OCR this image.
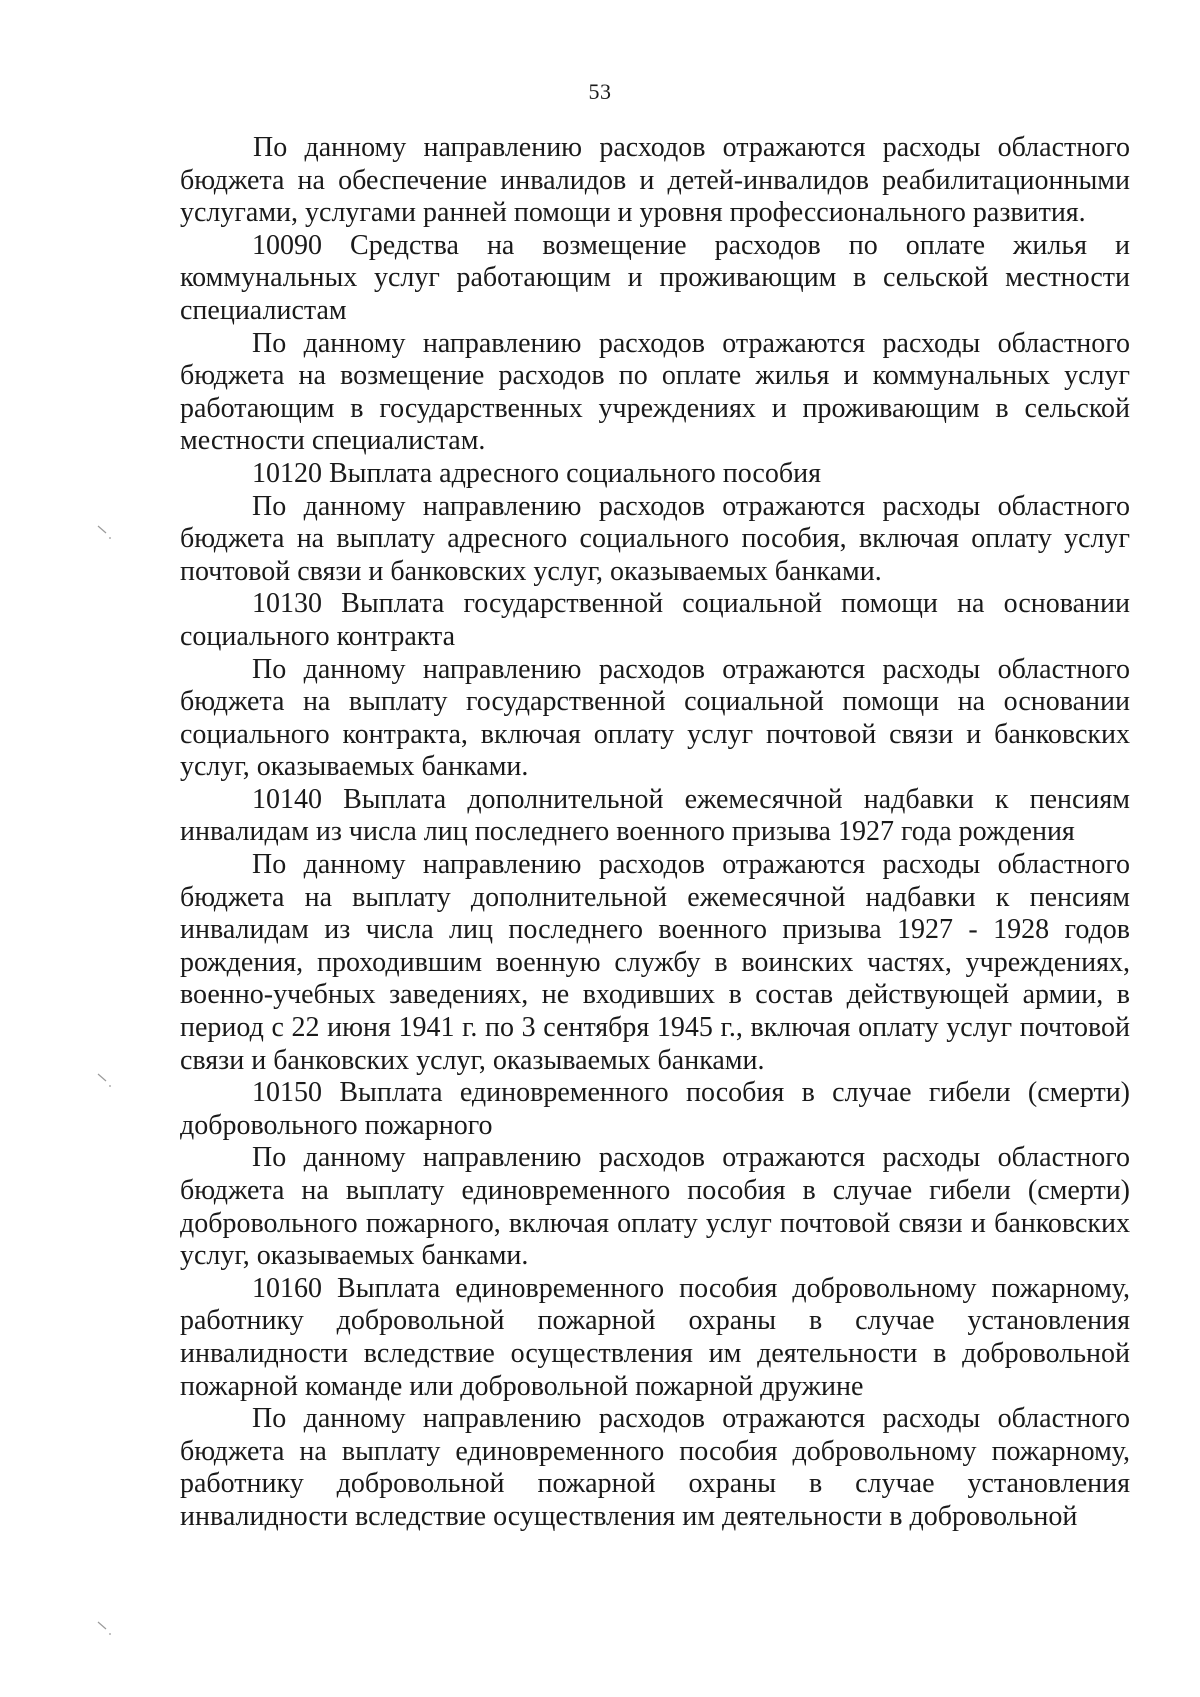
53

По данному направлению расходов отражаются расходы областного бюджета на обеспечение инвалидов и детей-инвалидов реабилитационными услугами, услугами ранней помощи и уровня профессионального развития.

10090 Средства на возмещение расходов по оплате жилья и коммунальных услуг работающим и проживающим в сельской местности специалистам

По данному направлению расходов отражаются расходы областного бюджета на возмещение расходов по оплате жилья и коммунальных услуг работающим в государственных учреждениях и проживающим в сельской местности специалистам.

10120 Выплата адресного социального пособия

По данному направлению расходов отражаются расходы областного бюджета на выплату адресного социального пособия, включая оплату услуг почтовой связи и банковских услуг, оказываемых банками.

10130 Выплата государственной социальной помощи на основании социального контракта

По данному направлению расходов отражаются расходы областного бюджета на выплату государственной социальной помощи на основании социального контракта, включая оплату услуг почтовой связи и банковских услуг, оказываемых банками.

10140 Выплата дополнительной ежемесячной надбавки к пенсиям инвалидам из числа лиц последнего военного призыва 1927 года рождения

По данному направлению расходов отражаются расходы областного бюджета на выплату дополнительной ежемесячной надбавки к пенсиям инвалидам из числа лиц последнего военного призыва 1927 - 1928 годов рождения, проходившим военную службу в воинских частях, учреждениях, военно-учебных заведениях, не входивших в состав действующей армии, в период с 22 июня 1941 г. по 3 сентября 1945 г., включая оплату услуг почтовой связи и банковских услуг, оказываемых банками.

10150 Выплата единовременного пособия в случае гибели (смерти) добровольного пожарного

По данному направлению расходов отражаются расходы областного бюджета на выплату единовременного пособия в случае гибели (смерти) добровольного пожарного, включая оплату услуг почтовой связи и банковских услуг, оказываемых банками.

10160 Выплата единовременного пособия добровольному пожарному, работнику добровольной пожарной охраны в случае установления инвалидности вследствие осуществления им деятельности в добровольной пожарной команде или добровольной пожарной дружине

По данному направлению расходов отражаются расходы областного бюджета на выплату единовременного пособия добровольному пожарному, работнику добровольной пожарной охраны в случае установления инвалидности вследствие осуществления им деятельности в добровольной
